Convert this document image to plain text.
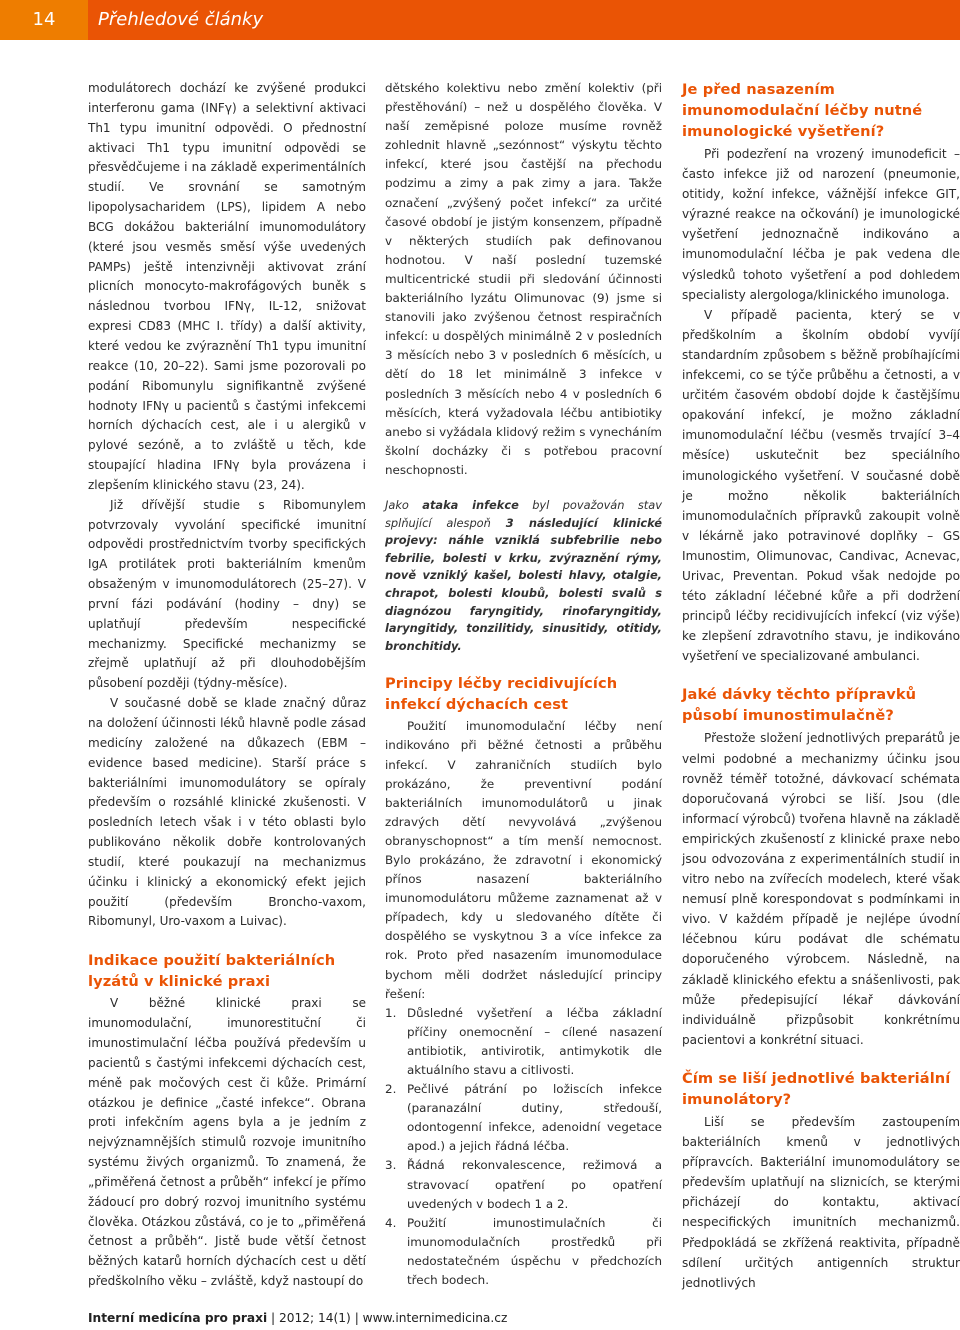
14	Přehledové články

modulátorech dochází ke zvýšené produkci interferonu gama (INFγ) a selektivní aktivaci Th1 typu imunitní odpovědi. O přednostní aktivaci Th1 typu imunitní odpovědi se přesvědčujeme i na základě experimentálních studií. Ve srovnání se samotným lipopolysacharidem (LPS), lipidem A nebo BCG dokážou bakteriální imunomodulátory (které jsou vesměs směsí výše uvedených PAMPs) ještě intenzivněji aktivovat zrání plicních monocyto-makrofágových buněk s následnou tvorbou IFNγ, IL-12, snižovat expresi CD83 (MHC I. třídy) a další aktivity, které vedou ke zvýraznění Th1 typu imunitní reakce (10, 20–22). Sami jsme pozorovali po podání Ribomunylu signifikantně zvýšené hodnoty IFNγ u pacientů s častými infekcemi horních dýchacích cest, ale i u alergiků v pylové sezóně, a to zvláště u těch, kde stoupající hladina IFNγ byla provázena i zlepšením klinického stavu (23, 24).

Již dřívější studie s Ribomunylem potvrzovaly vyvolání specifické imunitní odpovědi prostřednictvím tvorby specifických IgA protilátek proti bakteriálním kmenům obsaženým v imunomodulátorech (25–27). V první fázi podávání (hodiny – dny) se uplatňují především nespecifické mechanizmy. Specifické mechanizmy se zřejmě uplatňují až při dlouhodobějším působení později (týdny-měsíce).

V současné době se klade značný důraz na doložení účinnosti léků hlavně podle zásad medicíny založené na důkazech (EBM – evidence based medicine). Starší práce s bakteriálními imunomodulátory se opíraly především o rozsáhlé klinické zkušenosti. V posledních letech však i v této oblasti bylo publikováno několik dobře kontrolovaných studií, které poukazují na mechanizmus účinku i klinický a ekonomický efekt jejich použití (především Broncho-vaxom, Ribomunyl, Uro-vaxom a Luivac).

Indikace použití bakteriálních lyzátů v klinické praxi

V běžné klinické praxi se imunomodulační, imunorestituční či imunostimulační léčba používá především u pacientů s častými infekcemi dýchacích cest, méně pak močových cest či kůže. Primární otázkou je definice „časté infekce“. Obrana proti infekčním agens byla a je jedním z nejvýznamnějších stimulů rozvoje imunitního systému živých organizmů. To znamená, že „přiměřená četnost a průběh“ infekcí je přímo žádoucí pro dobrý rozvoj imunitního systému člověka. Otázkou zůstává, co je to „přiměřená četnost a průběh“. Jistě bude větší četnost běžných katarů horních dýchacích cest u dětí předškolního věku – zvláště, když nastoupí do

dětského kolektivu nebo změní kolektiv (při přestěhování) – než u dospělého člověka. V naší zeměpisné poloze musíme rovněž zohlednit hlavně „sezónnost“ výskytu těchto infekcí, které jsou častější na přechodu podzimu a zimy a pak zimy a jara. Takže označení „zvýšený počet infekcí“ za určité časové období je jistým konsenzem, případně v některých studiích pak definovanou hodnotou. V naší poslední tuzemské multicentrické studii při sledování účinnosti bakteriálního lyzátu Olimunovac (9) jsme si stanovili jako zvýšenou četnost respiračních infekcí: u dospělých minimálně 2 v posledních 3 měsících nebo 3 v posledních 6 měsících, u dětí do 18 let minimálně 3 infekce v posledních 3 měsících nebo 4 v posledních 6 měsících, která vyžadovala léčbu antibiotiky anebo si vyžádala klidový režim s vynecháním školní docházky či s potřebou pracovní neschopnosti.

Jako ataka infekce byl považován stav splňující alespoň 3 následující klinické projevy: náhle vzniklá subfebrilie nebo febrilie, bolesti v krku, zvýraznění rýmy, nově vzniklý kašel, bolesti hlavy, otalgie, chrapot, bolesti kloubů, bolesti svalů s diagnózou faryngitidy, rinofaryngitidy, laryngitidy, tonzilitidy, sinusitidy, otitidy, bronchitidy.
Principy léčby recidivujících infekcí dýchacích cest

Použití imunomodulační léčby není indikováno při běžné četnosti a průběhu infekcí. V zahraničních studiích bylo prokázáno, že preventivní podání bakteriálních imunomodulátorů u jinak zdravých dětí nevyvolává „zvýšenou obranyschopnost“ a tím menší nemocnost. Bylo prokázáno, že zdravotní i ekonomický přínos nasazení bakteriálního imunomodulátoru můžeme zaznamenat až v případech, kdy u sledovaného dítěte či dospělého se vyskytnou 3 a více infekce za rok. Proto před nasazením imunomodulace bychom měli dodržet následující principy řešení:

1. Důsledné vyšetření a léčba základní příčiny onemocnění – cílené nasazení antibiotik, antivirotik, antimykotik dle aktuálního stavu a citlivosti.
2. Pečlivé pátrání po ložiscích infekce (paranazální dutiny, středouší, odontogenní infekce, adenoidní vegetace apod.) a jejich řádná léčba.
3. Řádná rekonvalescence, režimová a stravovací opatření po opatření uvedených v bodech 1 a 2.
4. Použití imunostimulačních či imunomodulačních prostředků při nedostatečném úspěchu v předchozích třech bodech.
Je před nasazením imunomodulační léčby nutné imunologické vyšetření?

Při podezření na vrozený imunodeficit – často infekce již od narození (pneumonie, otitidy, kožní infekce, vážnější infekce GIT, výrazné reakce na očkování) je imunologické vyšetření jednoznačně indikováno a imunomodulační léčba je pak vedena dle výsledků tohoto vyšetření a pod dohledem specialisty alergologa/klinického imunologa.

V případě pacienta, který se v předškolním a školním období vyvíjí standardním způsobem s běžně probíhajícími infekcemi, co se týče průběhu a četnosti, a v určitém časovém období dojde k častějšímu opakování infekcí, je možno základní imunomodulační léčbu (vesměs trvající 3–4 měsíce) uskutečnit bez speciálního imunologického vyšetření. V současné době je možno několik bakteriálních imunomodulačních přípravků zakoupit volně v lékárně jako potravinové doplňky – GS Imunostim, Olimunovac, Candivac, Acnevac, Urivac, Preventan. Pokud však nedojde po této základní léčebné kůře a při dodržení principů léčby recidivujících infekcí (viz výše) ke zlepšení zdravotního stavu, je indikováno vyšetření ve specializované ambulanci.

Jaké dávky těchto přípravků působí imunostimulačně?

Přestože složení jednotlivých preparátů je velmi podobné a mechanizmy účinku jsou rovněž téměř totožné, dávkovací schémata doporučovaná výrobci se liší. Jsou (dle informací výrobců) tvořena hlavně na základě empirických zkušeností z klinické praxe nebo jsou odvozována z experimentálních studií in vitro nebo na zvířecích modelech, které však nemusí plně korespondovat s podmínkami in vivo. V každém případě je nejlépe úvodní léčebnou kúru podávat dle schématu doporučeného výrobcem. Následně, na základě klinického efektu a snášenlivosti, pak může předepisující lékař dávkování individuálně přizpůsobit konkrétnímu pacientovi a konkrétní situaci.

Čím se liší jednotlivé bakteriální imunolátory?

Liší se především zastoupením bakteriálních kmenů v jednotlivých přípravcích. Bakteriální imunomodulátory se především uplatňují na sliznicích, se kterými přicházejí do kontaktu, aktivací nespecifických imunitních mechanizmů. Předpokládá se zkřížená reaktivita, případně sdílení určitých antigenních struktur jednotlivých

Interní medicína pro praxi | 2012; 14(1) | www.internimedicina.cz
